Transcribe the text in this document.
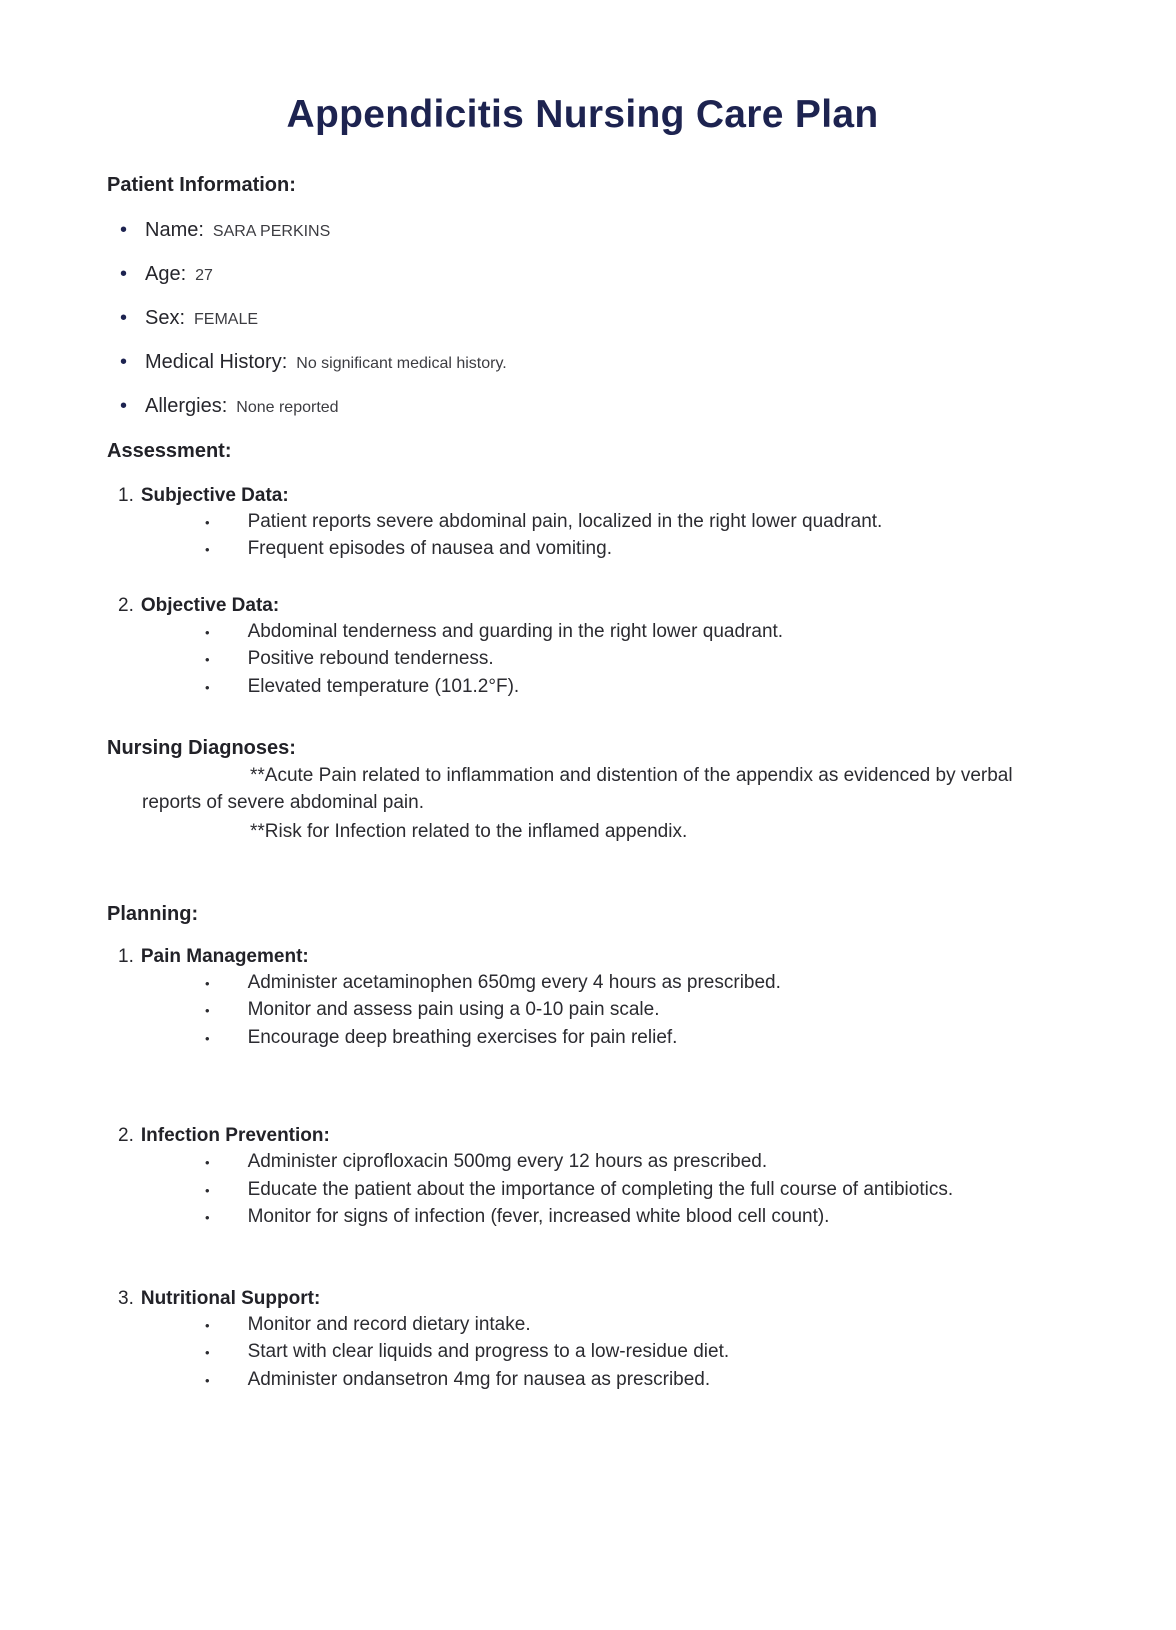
Appendicitis Nursing Care Plan
Patient Information:
• Name: SARA PERKINS
• Age: 27
• Sex: FEMALE
• Medical History: No significant medical history.
• Allergies: None reported
Assessment:

1. Subjective Data:

• Patient reports severe abdominal pain, localized in the right lower quadrant.

• Frequent episodes of nausea and vomiting.

2. Objective Data:

• Abdominal tenderness and guarding in the right lower quadrant.

• Positive rebound tenderness.

• Elevated temperature (101.2°F).

Nursing Diagnoses:

**Acute Pain related to inflammation and distention of the appendix as evidenced by verbal reports of severe abdominal pain.

**Risk for Infection related to the inflamed appendix.

Planning:

1. Pain Management:

• Administer acetaminophen 650mg every 4 hours as prescribed.

• Monitor and assess pain using a 0-10 pain scale.

• Encourage deep breathing exercises for pain relief.

2. Infection Prevention:

• Administer ciprofloxacin 500mg every 12 hours as prescribed.

• Educate the patient about the importance of completing the full course of antibiotics.

• Monitor for signs of infection (fever, increased white blood cell count).

3. Nutritional Support:

• Monitor and record dietary intake.

• Start with clear liquids and progress to a low-residue diet.

• Administer ondansetron 4mg for nausea as prescribed.
